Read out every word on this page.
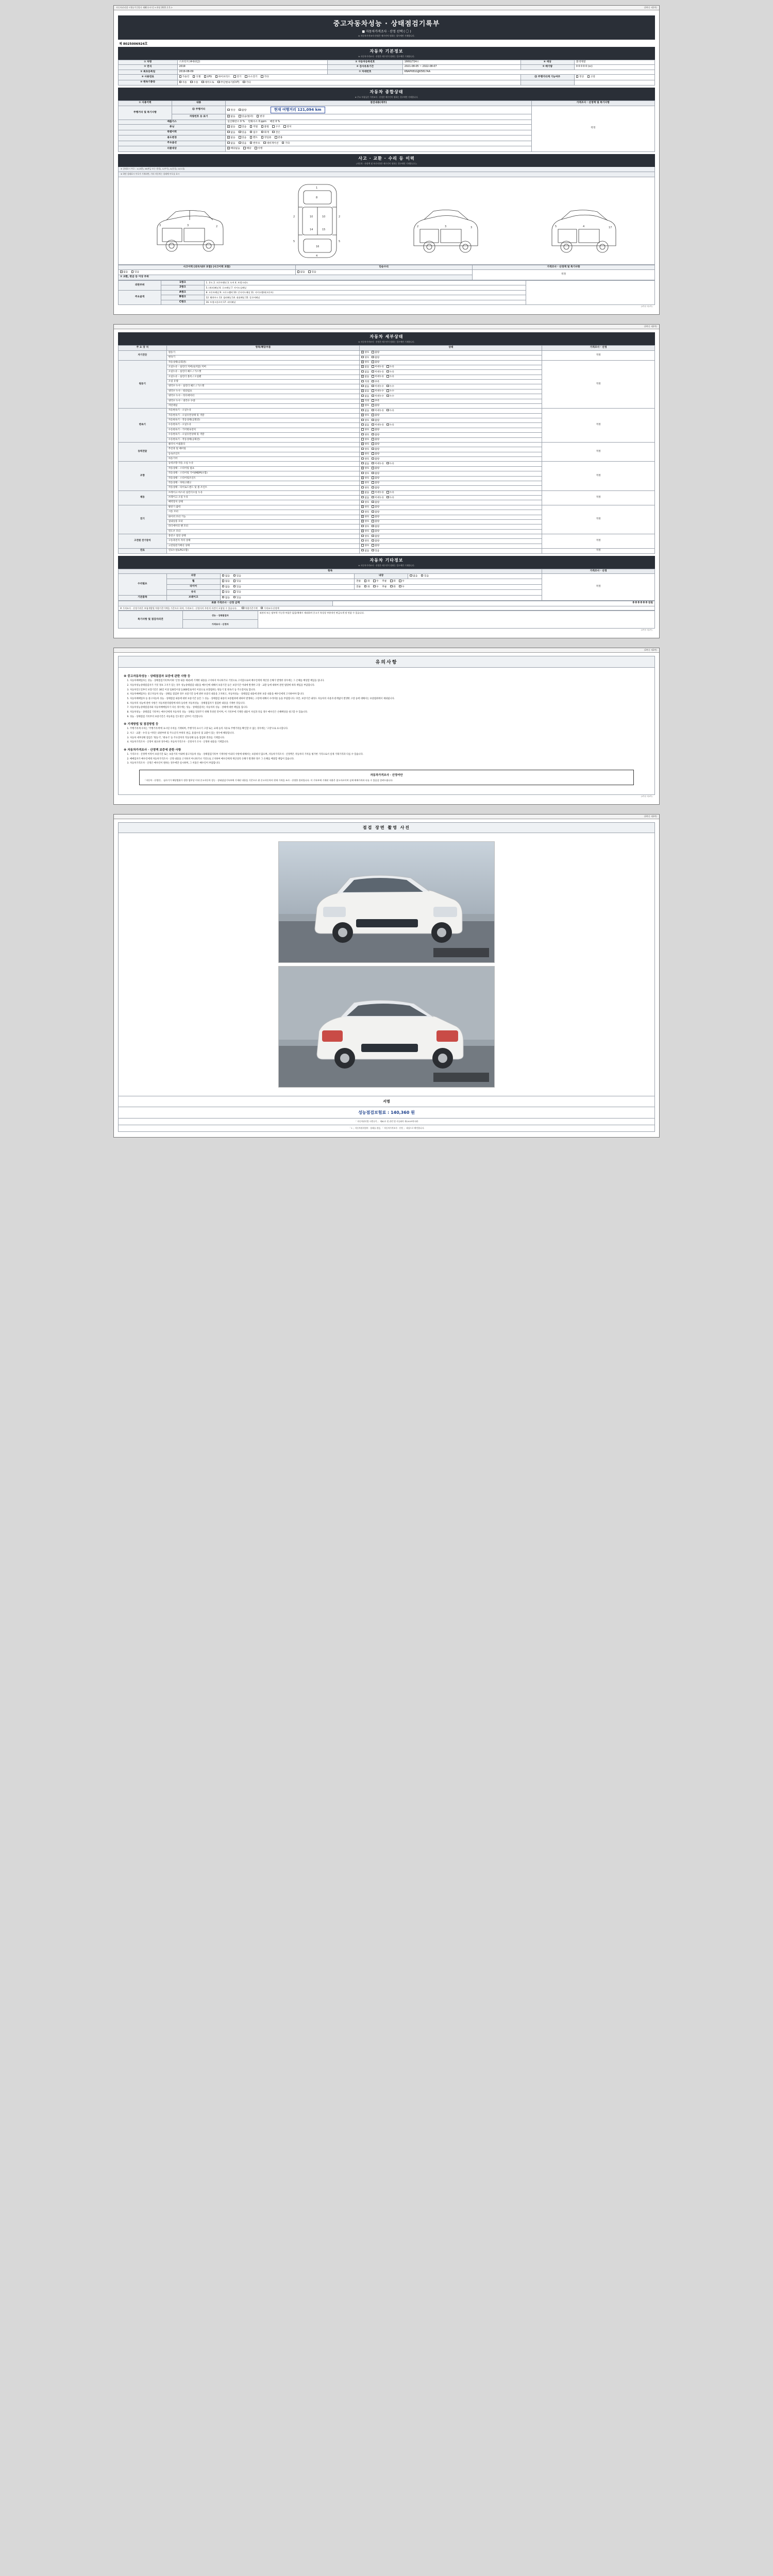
자동차관리법 시행규칙 [별지 제82호서식] <개정 2021.1.5.>	(3쪽중 제1쪽)
중고자동차성능 · 상태점검기록부
■ 자동차가격조사 · 산정 선택 ( 〇 )
※ 자동차가격조사·산정은 매수인이 원하는 경우에만 기재합니다.
제 8025006924호
자동차 기본정보
※ 자동차가격조사 · 산정은 매수인이 원하는 경우에만 기재합니다.
① 차명	스포티지 (4세대급)	② 자동차등록번호	166G(724소	⑥ 색상	흰색계열
③ 연식	2019	④ 검사유효기간	2021-08-05 ~ 2022-08-07	⑨ 배기량	0 0 0 0 0 (cc)
⑤ 최초등록일	2019-08-09	⑦ 차대번호	KNAPX81GJJK581?AA		
⑧ 사용연료	가솔린 디젤 LPG 하이브리드 전기 수소전기 기타			⑪ 주행거리계 기능여부	정상 고장
⑩ 변속기종류	자동 수동 세미오토 무단변속기(CVT) 기타				
자동차 종합상태
※ 주요 부품들은 가격조사 · 산정은 매수인이 원하는 경우에만 기재합니다.
① 사용이력	내용	점검내용(세부)	가격조사 · 산정액 및 특기사항
주행거리 및 특기사항	⑫ 주행거리	정상 불량 현재 여행거리 121,094 km	적정

	차량번호 등 표기	없음 있음(범퍼) 변경	
배출가스		일산화탄소 0 % 탄화수소 0 ppm 매연 0 %	
튜닝		없음 있음 적법 불법 구조 장치	
특별이력		없음 있음 침수 화재 전손	
용도변경		없음 있음 렌트 영업용 관용	
주요옵션		없음 있음 썬루프 네비게이션 기타	
리콜대상		해당없음 해당 이행	
사고 · 교환 · 수리 등 이력
(자동차 · 산정액 및 특기사항은 매수인이 원하는 경우에만 기재합니다.)
※ 상태표시 부호 : ×(교환), W(판금 또는 용접), C(부식), A(흠집), U(요철)
※ 하단 상태표시 부호가 기재되면, 기타 자동차는 상태에 부호를 표시
3	3	2
1
8
10	10
14	15
16
4
2	2
5	5
2	3	3	5	4	17
사고이력 (외부/내부 포함) (사고이력 포함)	단순수리	가격조사 · 산정액 및 특기사항
없음 있음	없음 있음	적정
② 교환, 판금 등 이상 부위		
외판부위	1랭크	1. 후드 2. 프론트펜더 3. 도어 4. 트렁크리드	
	2랭크	5. (쿼터)패널 6. 루프패널 7. 사이드실패널	
주요골격	A랭크	8. 프론트패널 9. 크로스멤버 10. 인사이드패널 11. 사이드멤버(프론트)	
	B랭크	12. 휠하우스 13. 필러패널 14. 대쉬패널 15. 플로어패널	
	C랭크	16. 트렁크플로어 17. 리어패널	
(3쪽중 제1쪽)

(3쪽중 제2쪽)
자동차 세부상태
※ 자동차가격조사 · 산정은 매수인이 원하는 경우에만 기재합니다.
주 요 장 치	항목/해당부품	상태	가격조사 · 산정
자기진단	원동기	양호 불량	적정
	변속기	양호 불량	
원동기	작동상태(공회전)	양호 불량	적정
	오일누유 - 실린더 커버(로커암) 커버	없음 미세누유 누유	
	오일누유 - 실린더 헤드 / 가스켓	없음 미세누유 누유	
	오일누유 - 실린더 블록 / 오일팬	없음 미세누유 누유	
	오일 유량	적정 부족	
	냉각수 누수 - 실린더 헤드 / 가스켓	없음 미세누수 누수	
	냉각수 누수 - 워터펌프	없음 미세누수 누수	
	냉각수 누수 - 라디에이터	없음 미세누수 누수	
	냉각수 누수 - 냉각수 수량	적정 부족	
	커먼레일	양호 불량	
변속기	자동변속기 - 오일누유	없음 미세누유 누유	적정
	자동변속기 - 오일유면상태 및 색깔	양호 불량	
	자동변속기 - 작동상태(공회전)	양호 불량	
	수동변속기 - 오일누유	없음 미세누유 누유	
	수동변속기 - 기어변속장치	양호 불량	
	수동변속기 - 오일유면상태 및 색깔	양호 불량	
	수동변속기 - 작동상태(공회전)	양호 불량	
동력전달	클러치 어셈블리	양호 불량	적정
	추진축 및 베어링	양호 불량	
	등속조인트	양호 불량	
	차동기어	양호 불량	
조향	동력조향 작동 오일 누유	없음 미세누유 누유	적정
	작동상태 - 스티어링 펌프	양호 불량	
	작동상태 - 스티어링 기어(MDPS포함)	양호 불량	
	작동상태 - 스티어링조인트	양호 불량	
	작동상태 - 파워크랭크	양호 불량	
	작동상태 - 타이로드엔드 및 볼 조인트	양호 불량	
제동	브레이크 마스터 실린더오일 누유	없음 미세누유 누유	적정
	브레이크 오일 누유	없음 미세누유 누유	
	배력장치 상태	양호 불량	
전기	발전기 출력	양호 불량	적정
	시동 모터	양호 불량	
	와이퍼 모터 기능	양호 불량	
	실내송풍 모터	양호 불량	
	라디에이터 팬 모터	양호 불량	
	윈도우 모터	양호 불량	
고전원 전기장치	충전구 절연 상태	양호 불량	적정
	구동축전지 격리 상태	양호 불량	
	고전원전기배선 상태	양호 불량	
연료	연료누설(LPG포함)	없음 있음	적정
자동차 기타정보
※ 자동차가격조사 · 산정은 매수인이 원하는 경우에만 기재합니다.
항목					가격조사 · 산정
수리필요	외장	없음 있음	내장	없음 있음	적정
	휠	없음 있음	전륜 좌 우 후륜 좌 우		
	타이어	없음 있음	전륜 좌 우 후륜 좌 우		
	유리	없음 있음			
기본품목	브레이크	없음 있음			
최종 가격조사 · 산정 금액	0 0 0 0 0 0 천원
※ 가격조사 · 산정가격은 보험개발원 차량기준가액을 기준으로 하며, 가격조사 · 산정자의 주관적 의견이 포함될 수 있습니다.	차량기준가액	가격조사·산정액
특기사항 및 점검자의견	성능 · 상태점검자	외관의 또는 탈부착 가능한 부품은 없음/매매시 제외하며 중고기 특성상 부분적인 판금도색 및 단품 수 있습니다.
가격조사 · 산정자
(3쪽중 제2쪽)

(3쪽중 제3쪽)
유의사항
※ 중고자동차성능 · 상태점검자 보증에 관한 사항 등
1. 자동차매매업자는 성능 · 상태점검기록부(이하 '산정 내용 제외)에 기재한 내용을 고지하지 아니하거나 거짓으로 고지함으로써 매수인에게 재산상 손해가 발생한 경우에는 그 손해를 배상할 책임을 집니다.
2. 자동차성능상태점검자가 거짓 정보 고지가 있는 경우 성능상태점검 내용을 매수인에 대해서 보증기간 등은 보장기간 이내에 발생한 고장 · 교환 등에 대하여 관련 법령에 따라 책임을 부담합니다.
3. 자동차인도일부터 보장기간은 30일 이상 120일이상 2,000킬로미터 이상으로 보장범위는 원동기 및 변속기 등 주요장치로 합니다.
4. 자동차매매업자는 중고자동차 성능 · 상태를 점검한 경우 보증기간 등에 관한 보증의 내용을 고지하고, 자동차성능 · 상태점검 내용에 관한 보증 내용을 매수인에게 고지하여야 합니다.
5. 자동차매매업자 등 중고자동차 성능 · 상태점검 내용에 대한 보증기간 동안 그 성능 · 상태점검 내용의 보증범위에 대하여 발생하는 고장에 대해서 수리비용 등을 부담합니다. 다만, 보장기간 내라도 자동차의 사용과 관계없이 발생한 고장 등에 대해서는 보증범위에서 제외됩니다.
6. 자동차의 성능에 관한 사항은 자동차관리법령에 따라 등록한 자동차성능 · 상태점검자가 점검한 내용을 기재한 것입니다.
7. 자동차성능상태점검자와 자동차매매업자가 다른 경우에는 성능 · 상태점검자는 자동차의 성능 · 상태에 대한 책임을 집니다.
8. 자동차성능 · 상태점검 기록부는 매수인에게 자동차의 성능 · 상태를 알려주기 위해 작성된 것이며, 이 기록부에 기재된 내용이 사실과 다를 경우 매수인은 손해배상을 청구할 수 있습니다.
9. 성능 · 상태점검 기록부의 보증기간은 자동차를 인도받은 날부터 기산합니다.
※ 기재방법 및 점검방법 등
1. 주행거리계 수치는 '주행거리계'에 표시된 수치를 기재하며, 주행거리 표시기 고장 또는 교체 등의 사유로 주행거리를 확인할 수 없는 경우에는 '고장'으로 표시합니다.
2. 사고 · 교환 · 수리 등 이력은 외판부위 및 주요골격 부위의 판금, 용접수리 및 교환이 있는 경우에 해당합니다.
3. 자동차 세부상태 점검은 '원동기', '변속기' 등 주요장치의 작동상태 등을 점검한 결과를 기재합니다.
4. 자동차가격조사 · 산정이 필요한 경우에는 자동차가격조사 · 산정자가 조사 · 산정한 내용을 기재합니다.
※ 자동차가격조사 · 산정액 보증에 관한 사항
1. 가격조사 · 산정액 이력이 보증기간 또는 보증거리 이내에 중고자동차 성능 · 상태점검기록부 기재사항 이외의 사항에 대해서는 보증하지 않으며, 자동차가격조사 · 산정액은 자동차의 가치를 평가한 가격으로서 실제 거래가격과 다를 수 있습니다.
2. 매매업자가 매수인에게 자동차가격조사 · 산정 내용을 고지하지 아니하거나 거짓으로 고지하여 매수인에게 재산상의 손해가 발생한 경우 그 손해를 배상할 책임이 있습니다.
3. 자동차가격조사 · 산정은 매수인이 원하는 경우에만 실시하며, 그 비용은 매수인이 부담합니다.
자동차가격조사 · 산정여안
「자동차 · 산정안」 심사기가 해당범위가 정한 업무상 이내 중고자동차 성능 · 상태점검기록부에 기재된 내용을 기준으로 위 중고자동차의 현재 가격을 조사 · 산정한 결과입니다. 이 기록부에 기재된 내용은 참고자료이며 실제 매매가격과 다를 수 있음을 알려드립니다.
(3쪽중 제3쪽)

(3쪽중 제3쪽)
점검 장면 촬영 사진
서명
성능점검보험료 : 140,360 원
「 자동차관리법 시행규칙 」 제82호 및 관련 별 서류와의 제120조에 따라
「 1 」자동차관리법의 · 상태를 점검, 「 자동차가격조사 · 산정 」 대상으로 확인합니다.
